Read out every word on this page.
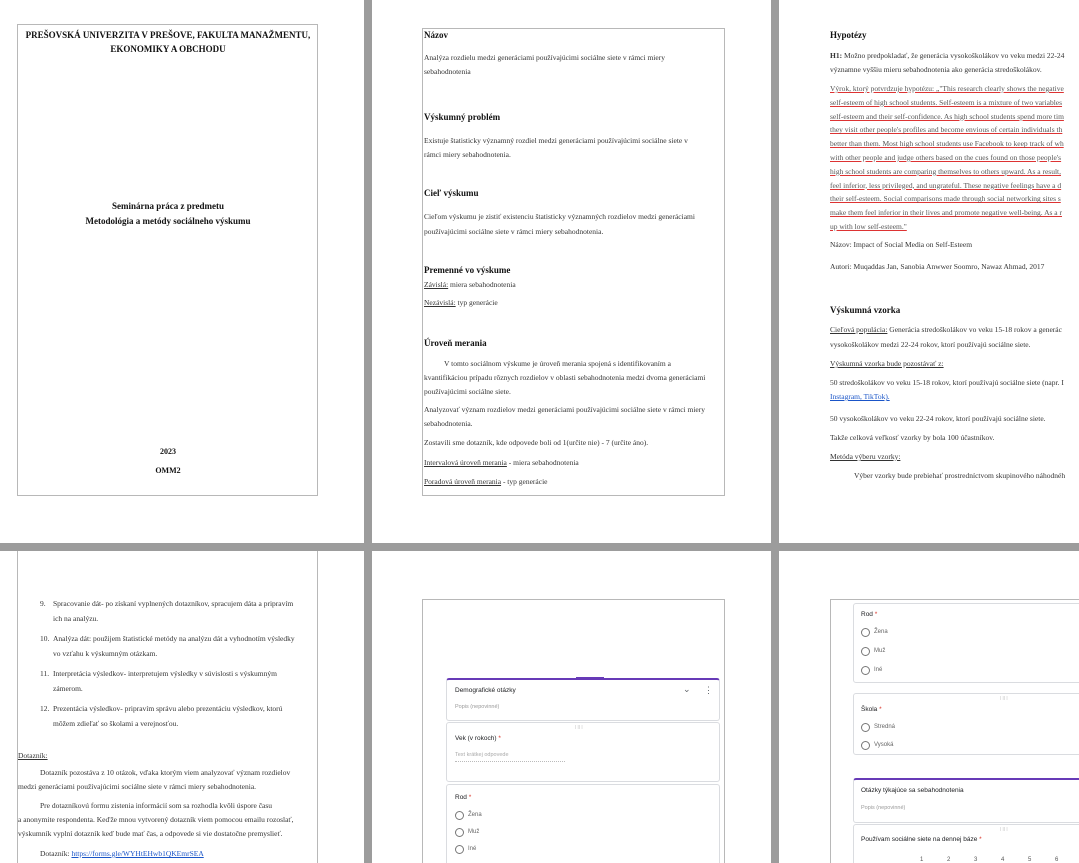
PREŠOVSKÁ UNIVERZITA V PREŠOVE, FAKULTA MANAŽMENTU,
EKONOMIKY A OBCHODU
Seminárna práca z predmetu
Metodológia a metódy sociálneho výskumu
2023
OMM2
Názov
Analýza rozdielu medzi generáciami používajúcimi sociálne siete v rámci miery
sebahodnotenia
Výskumný problém
Existuje štatisticky významný rozdiel medzi generáciami používajúcimi sociálne siete v
rámci miery sebahodnotenia.
Cieľ výskumu
Cieľom výskumu je zistiť existenciu štatisticky významných rozdielov medzi generáciami
používajúcimi sociálne siete v rámci miery sebahodnotenia.
Premenné vo výskume
Závislá: miera sebahodnotenia
Nezávislá: typ generácie
Úroveň merania
V tomto sociálnom výskume je úroveň merania spojená s identifikovaním a
kvantifikáciou prípadu rôznych rozdielov v oblasti sebahodnotenia medzi dvoma generáciami
používajúcimi sociálne siete.
Analyzovať význam rozdielov medzi generáciami používajúcimi sociálne siete v rámci miery
sebahodnotenia.
Zostavili sme dotazník, kde odpovede boli od 1(určite nie) - 7 (určite áno).
Intervalová úroveň merania - miera sebahodnotenia
Poradová úroveň merania - typ generácie
Hypotézy
H1: Možno predpokladať, že generácia vysokoškolákov vo veku medzi 22-24
významne vyššiu mieru sebahodnotenia ako generácia stredoškolákov.
Výrok, ktorý potvrdzuje hypotézu: „"This research clearly shows the negative
self-esteem of high school students. Self-esteem is a mixture of two variables
self-esteem and their self-confidence. As high school students spend more tim
they visit other people's profiles and become envious of certain individuals th
better than them. Most high school students use Facebook to keep track of wh
with other people and judge others based on the cues found on those people's
high school students are comparing themselves to others upward. As a result,
feel inferior, less privileged, and ungrateful. These negative feelings have a d
their self-esteem. Social comparisons made through social networking sites s
make them feel inferior in their lives and promote negative well-being. As a r
up with low self-esteem."
Názov: Impact of Social Media on Self-Esteem
Autori: Muqaddas Jan, Sanobia Anwwer Soomro, Nawaz Ahmad, 2017
Výskumná vzorka
Cieľová populácia: Generácia stredoškolákov vo veku 15-18 rokov a generác
vysokoškolákov medzi 22-24 rokov, ktorí používajú sociálne siete.
Výskumná vzorka bude pozostávať z:
50 stredoškolákov vo veku 15-18 rokov, ktorí používajú sociálne siete (napr. I
Instagram, TikTok).
50 vysokoškolákov vo veku 22-24 rokov, ktorí používajú sociálne siete.
Takže celková veľkosť vzorky by bola 100 účastníkov.
Metóda výberu vzorky:
Výber vzorky bude prebiehať prostredníctvom skupinového náhodnéh
9. Spracovanie dát- po získaní vyplnených dotazníkov, spracujem dáta a pripravím
ich na analýzu.
10. Analýza dát: použijem štatistické metódy na analýzu dát a vyhodnotím výsledky
vo vzťahu k výskumným otázkam.
11. Interpretácia výsledkov- interpretujem výsledky v súvislosti s výskumným
zámerom.
12. Prezentácia výsledkov- pripravím správu alebo prezentáciu výsledkov, ktorú
môžem zdieľať so školami a verejnosťou.
Dotazník:
Dotazník pozostáva z 10 otázok, vďaka ktorým viem analyzovať význam rozdielov
medzi generáciami používajúcimi sociálne siete v rámci miery sebahodnotenia.
Pre dotazníkovú formu zistenia informácií som sa rozhodla kvôli úspore času
a anonymite respondenta. Keďže mnou vytvorený dotazník viem pomocou emailu rozoslať,
výskumník vyplní dotazník keď bude mať čas, a odpovede si vie dostatočne premyslieť.
Dotazník: https://forms.gle/WYHtEHwb1QKEmrSEA
Demografické otázky
Popis (nepovinné)
⌄ ⋮
∷∷
Vek (v rokoch) *
Text krátkej odpovede
Rod *
Žena
Muž
Iné
Rod *
Žena
Muž
Iné
∷∷
Škola *
Stredná
Vysoká
Otázky týkajúce sa sebahodnotenia
Popis (nepovinné)
∷∷
Používam sociálne siete na dennej báze *
1	2	3	4	5	6
